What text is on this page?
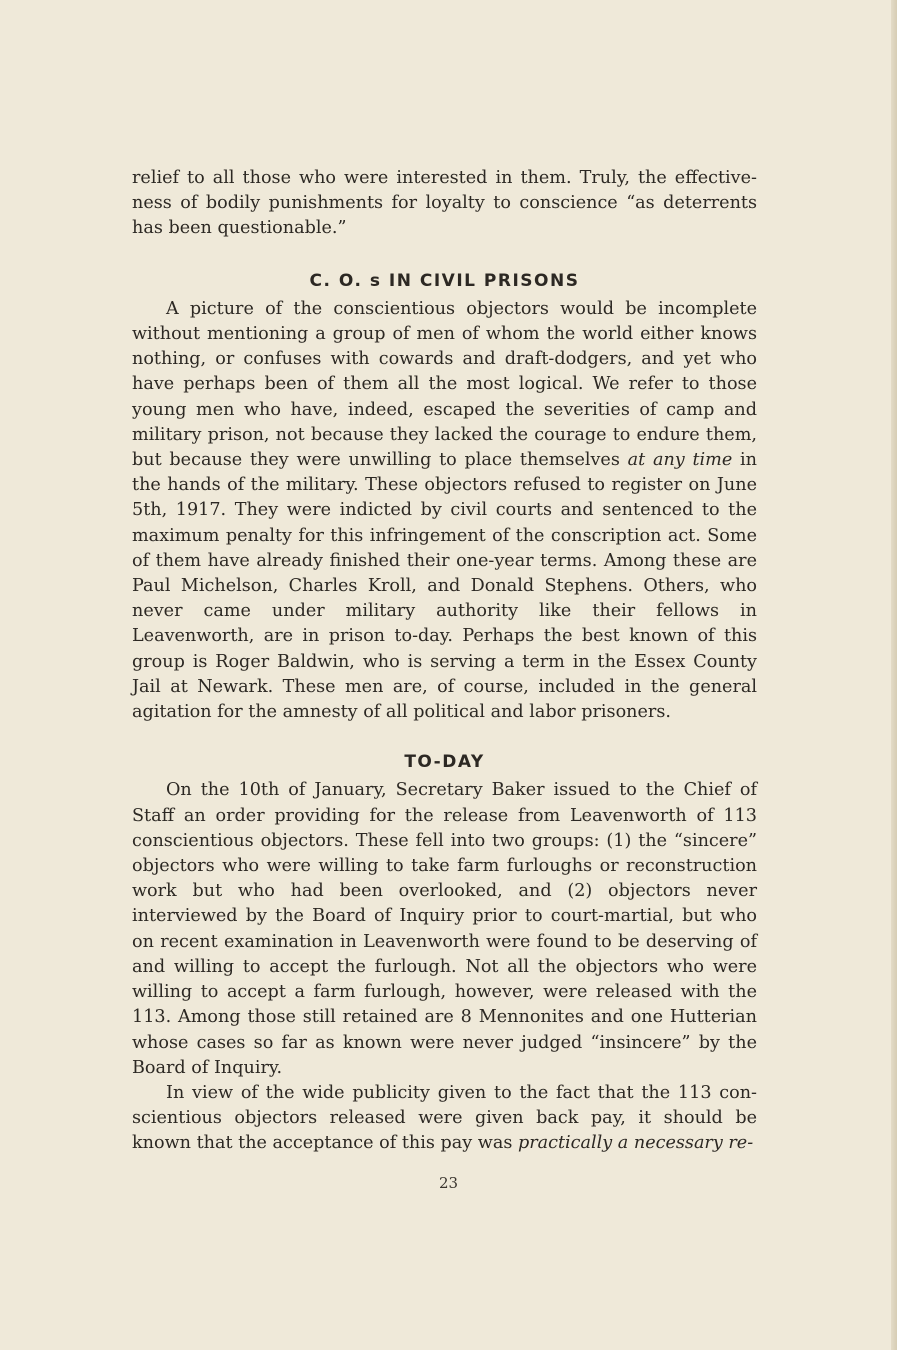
relief to all those who were interested in them. Truly, the effectiveness of bodily punishments for loyalty to conscience “as deterrents has been questionable.”

C. O. s IN CIVIL PRISONS

A picture of the conscientious objectors would be incomplete without mentioning a group of men of whom the world either knows nothing, or confuses with cowards and draft-dodgers, and yet who have perhaps been of them all the most logical. We refer to those young men who have, indeed, escaped the severities of camp and military prison, not because they lacked the courage to endure them, but because they were unwilling to place themselves at any time in the hands of the military. These objectors refused to register on June 5th, 1917. They were indicted by civil courts and sentenced to the maximum penalty for this infringement of the conscription act. Some of them have already finished their one-year terms. Among these are Paul Michelson, Charles Kroll, and Donald Stephens. Others, who never came under military authority like their fellows in Leavenworth, are in prison to-day. Perhaps the best known of this group is Roger Baldwin, who is serving a term in the Essex County Jail at Newark. These men are, of course, included in the general agitation for the amnesty of all political and labor prisoners.

TO-DAY

On the 10th of January, Secretary Baker issued to the Chief of Staff an order providing for the release from Leavenworth of 113 conscientious objectors. These fell into two groups: (1) the “sincere” objectors who were willing to take farm furloughs or reconstruction work but who had been overlooked, and (2) objectors never interviewed by the Board of Inquiry prior to court-martial, but who on recent examination in Leavenworth were found to be deserving of and willing to accept the furlough. Not all the objectors who were willing to accept a farm furlough, however, were released with the 113. Among those still retained are 8 Mennonites and one Hutterian whose cases so far as known were never judged “insincere” by the Board of Inquiry.

In view of the wide publicity given to the fact that the 113 conscientious objectors released were given back pay, it should be known that the acceptance of this pay was practically a necessary re-

23
